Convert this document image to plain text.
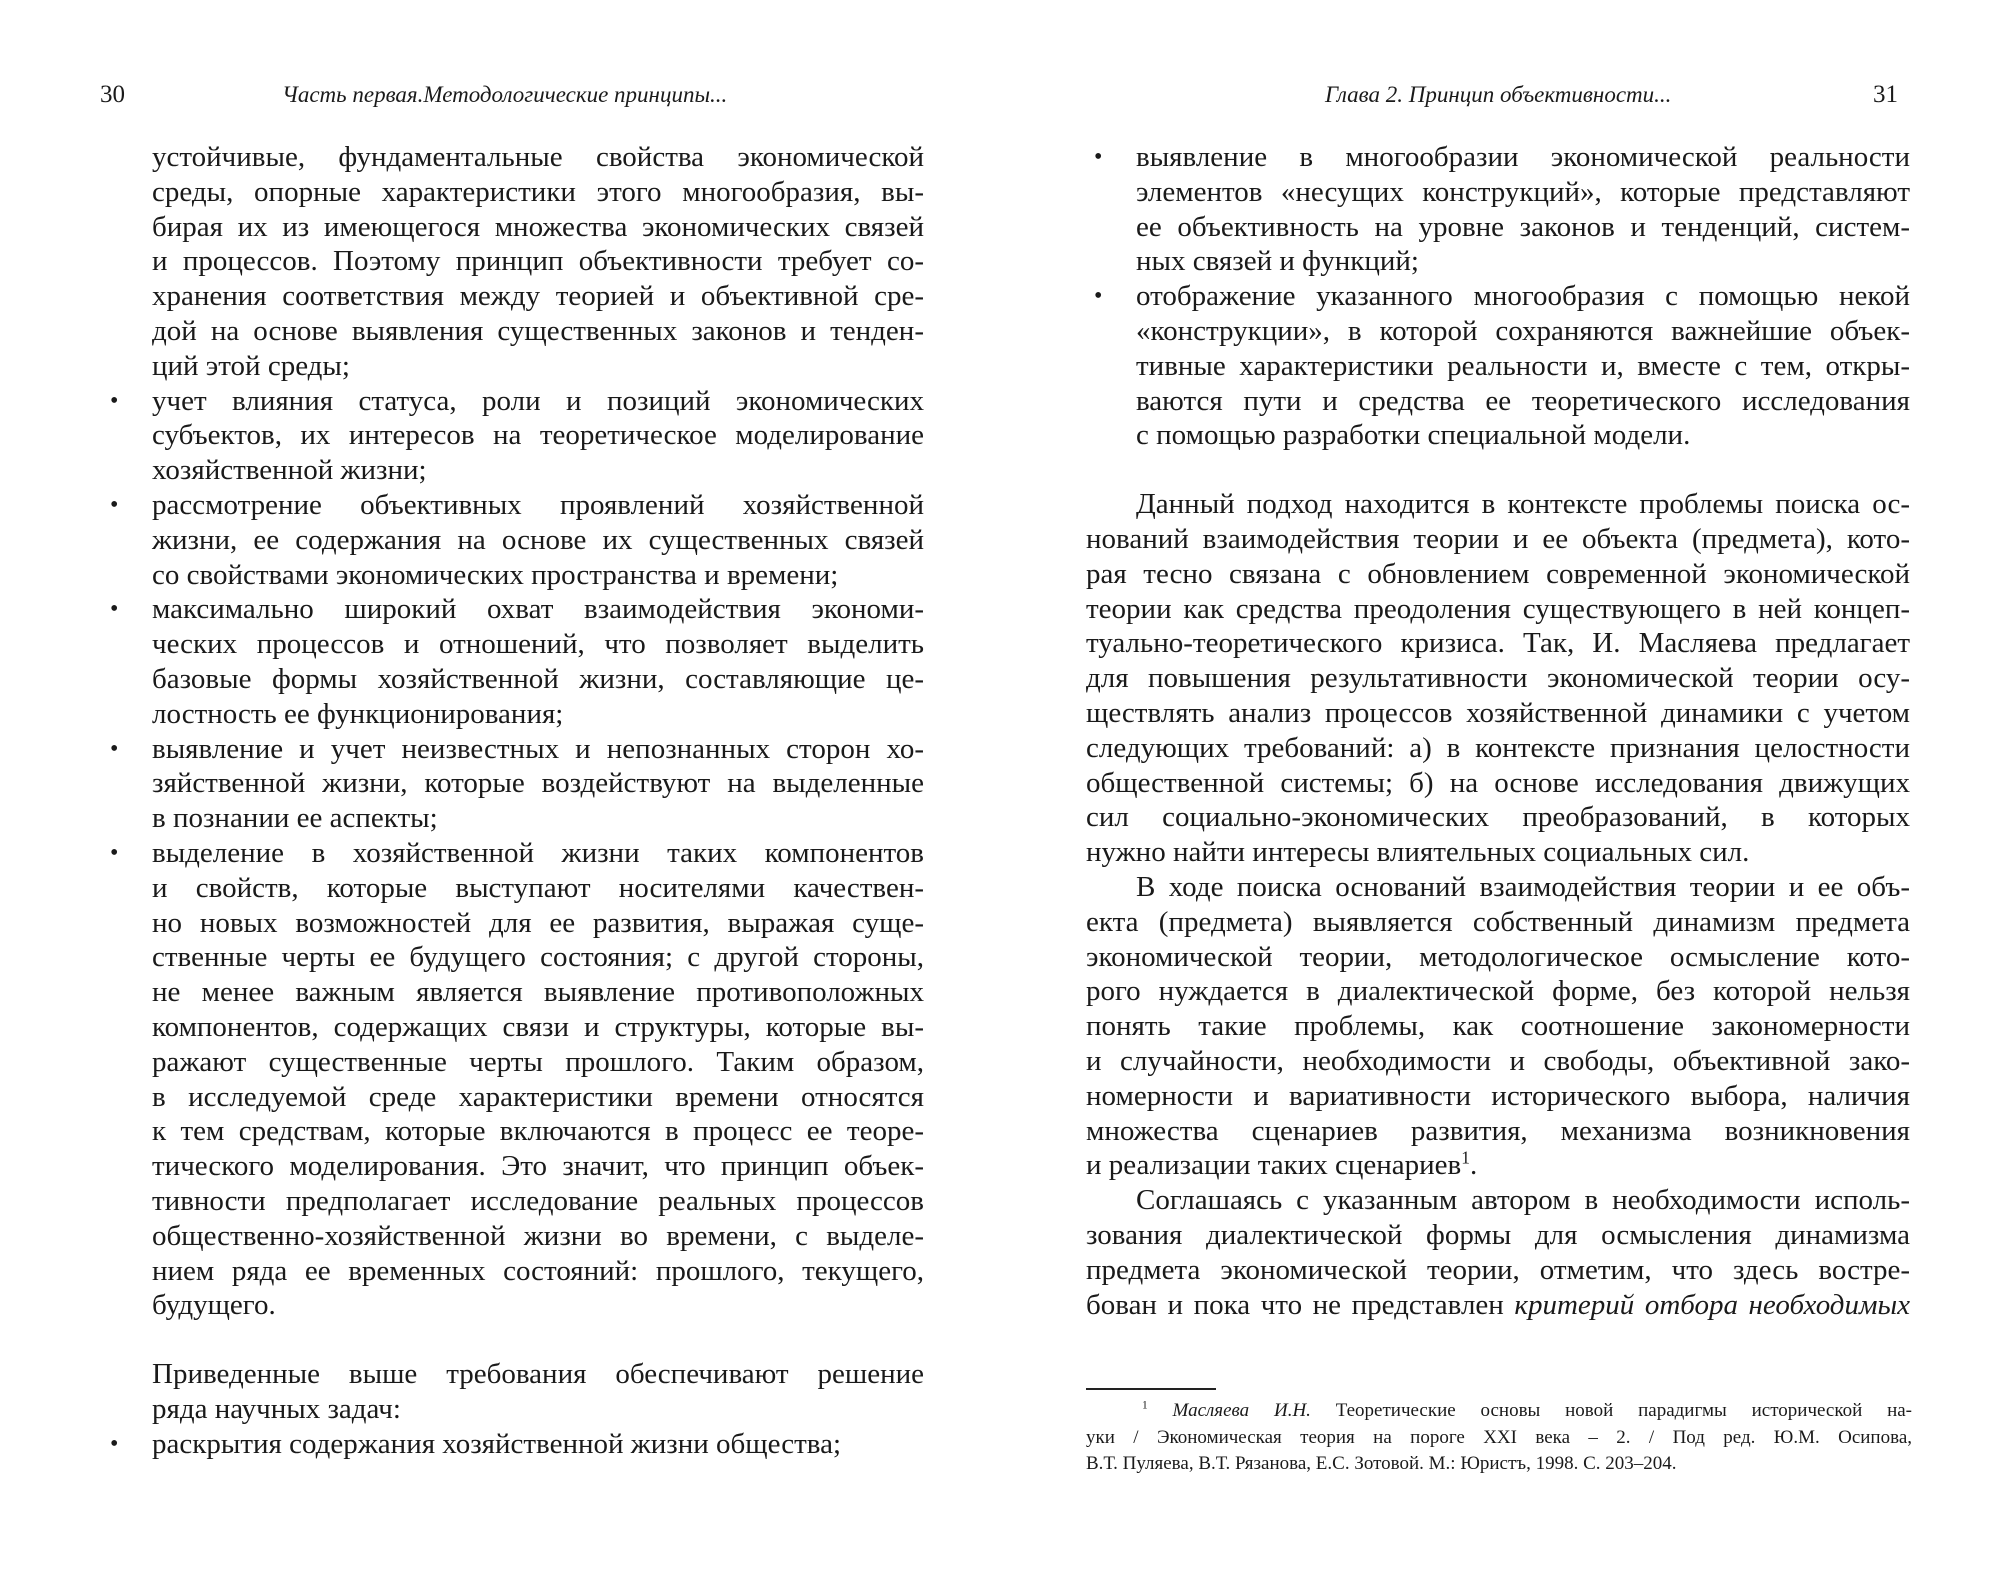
30	Часть первая.Методологические принципы...
устойчивые, фундаментальные свойства экономической
среды, опорные характеристики этого многообразия, вы-
бирая их из имеющегося множества экономических связей
и процессов. Поэтому принцип объективности требует со-
хранения соответствия между теорией и объективной сре-
дой на основе выявления существенных законов и тенден-
ций этой среды;
учет влияния статуса, роли и позиций экономических
•
субъектов, их интересов на теоретическое моделирование
хозяйственной жизни;
рассмотрение объективных проявлений хозяйственной
•
жизни, ее содержания на основе их существенных связей
со свойствами экономических пространства и времени;
максимально широкий охват взаимодействия экономи-
•
ческих процессов и отношений, что позволяет выделить
базовые формы хозяйственной жизни, составляющие це-
лостность ее функционирования;
выявление и учет неизвестных и непознанных сторон хо-
•
зяйственной жизни, которые воздействуют на выделенные
в познании ее аспекты;
выделение в хозяйственной жизни таких компонентов
•
и свойств, которые выступают носителями качествен-
но новых возможностей для ее развития, выражая суще-
ственные черты ее будущего состояния; с другой стороны,
не менее важным является выявление противоположных
компонентов, содержащих связи и структуры, которые вы-
ражают существенные черты прошлого. Таким образом,
в исследуемой среде характеристики времени относятся
к тем средствам, которые включаются в процесс ее теоре-
тического моделирования. Это значит, что принцип объек-
тивности предполагает исследование реальных процессов
общественно-хозяйственной жизни во времени, с выделе-
нием ряда ее временных состояний: прошлого, текущего,
будущего.
Приведенные выше требования обеспечивают решение
ряда научных задач:
раскрытия содержания хозяйственной жизни общества;
•
Глава 2. Принцип объективности...	31
выявление в многообразии экономической реальности
•
элементов «несущих конструкций», которые представляют
ее объективность на уровне законов и тенденций, систем-
ных связей и функций;
отображение указанного многообразия с помощью некой
•
«конструкции», в которой сохраняются важнейшие объек-
тивные характеристики реальности и, вместе с тем, откры-
ваются пути и средства ее теоретического исследования
с помощью разработки специальной модели.
Данный подход находится в контексте проблемы поиска ос-
нований взаимодействия теории и ее объекта (предмета), кото-
рая тесно связана с обновлением современной экономической
теории как средства преодоления существующего в ней концеп-
туально-теоретического кризиса. Так, И. Масляева предлагает
для повышения результативности экономической теории осу-
ществлять анализ процессов хозяйственной динамики с учетом
следующих требований: а) в контексте признания целостности
общественной системы; б) на основе исследования движущих
сил социально-экономических преобразований, в которых
нужно найти интересы влиятельных социальных сил.
В ходе поиска оснований взаимодействия теории и ее объ-
екта (предмета) выявляется собственный динамизм предмета
экономической теории, методологическое осмысление кото-
рого нуждается в диалектической форме, без которой нельзя
понять такие проблемы, как соотношение закономерности
и случайности, необходимости и свободы, объективной зако-
номерности и вариативности исторического выбора, наличия
множества сценариев развития, механизма возникновения
и реализации таких сценариев$^1$.
Соглашаясь с указанным автором в необходимости исполь-
зования диалектической формы для осмысления динамизма
предмета экономической теории, отметим, что здесь востре-
бован и пока что не представлен критерий отбора необходимых
$^1$ Масляева И.Н. Теоретические основы новой парадигмы исторической на-
уки / Экономическая теория на пороге XXI века – 2. / Под ред. Ю.М. Осипова,
В.Т. Пуляева, В.Т. Рязанова, Е.С. Зотовой. М.: Юристъ, 1998. С. 203–204.
